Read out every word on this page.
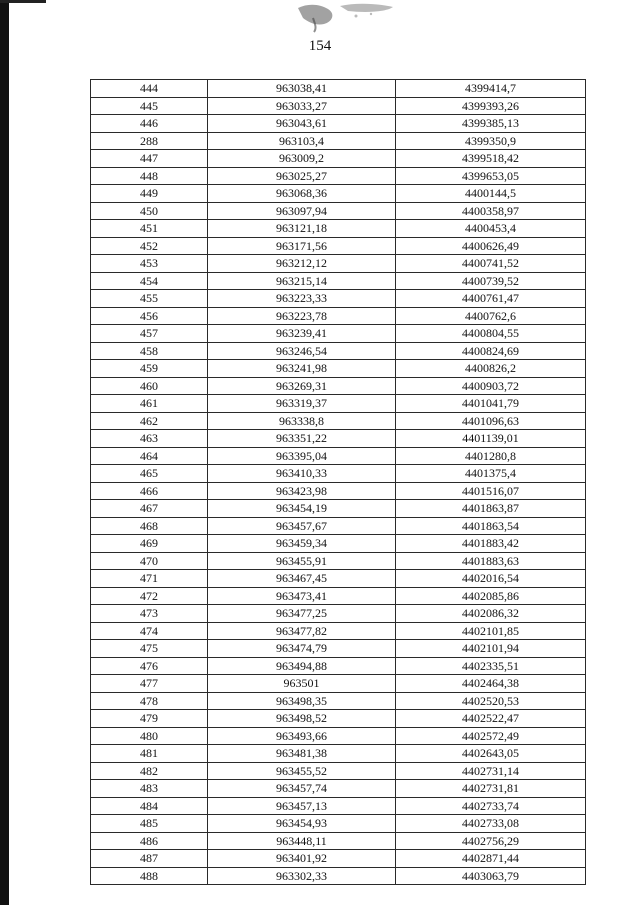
154
444	963038,41	4399414,7
445	963033,27	4399393,26
446	963043,61	4399385,13
288	963103,4	4399350,9
447	963009,2	4399518,42
448	963025,27	4399653,05
449	963068,36	4400144,5
450	963097,94	4400358,97
451	963121,18	4400453,4
452	963171,56	4400626,49
453	963212,12	4400741,52
454	963215,14	4400739,52
455	963223,33	4400761,47
456	963223,78	4400762,6
457	963239,41	4400804,55
458	963246,54	4400824,69
459	963241,98	4400826,2
460	963269,31	4400903,72
461	963319,37	4401041,79
462	963338,8	4401096,63
463	963351,22	4401139,01
464	963395,04	4401280,8
465	963410,33	4401375,4
466	963423,98	4401516,07
467	963454,19	4401863,87
468	963457,67	4401863,54
469	963459,34	4401883,42
470	963455,91	4401883,63
471	963467,45	4402016,54
472	963473,41	4402085,86
473	963477,25	4402086,32
474	963477,82	4402101,85
475	963474,79	4402101,94
476	963494,88	4402335,51
477	963501	4402464,38
478	963498,35	4402520,53
479	963498,52	4402522,47
480	963493,66	4402572,49
481	963481,38	4402643,05
482	963455,52	4402731,14
483	963457,74	4402731,81
484	963457,13	4402733,74
485	963454,93	4402733,08
486	963448,11	4402756,29
487	963401,92	4402871,44
488	963302,33	4403063,79
